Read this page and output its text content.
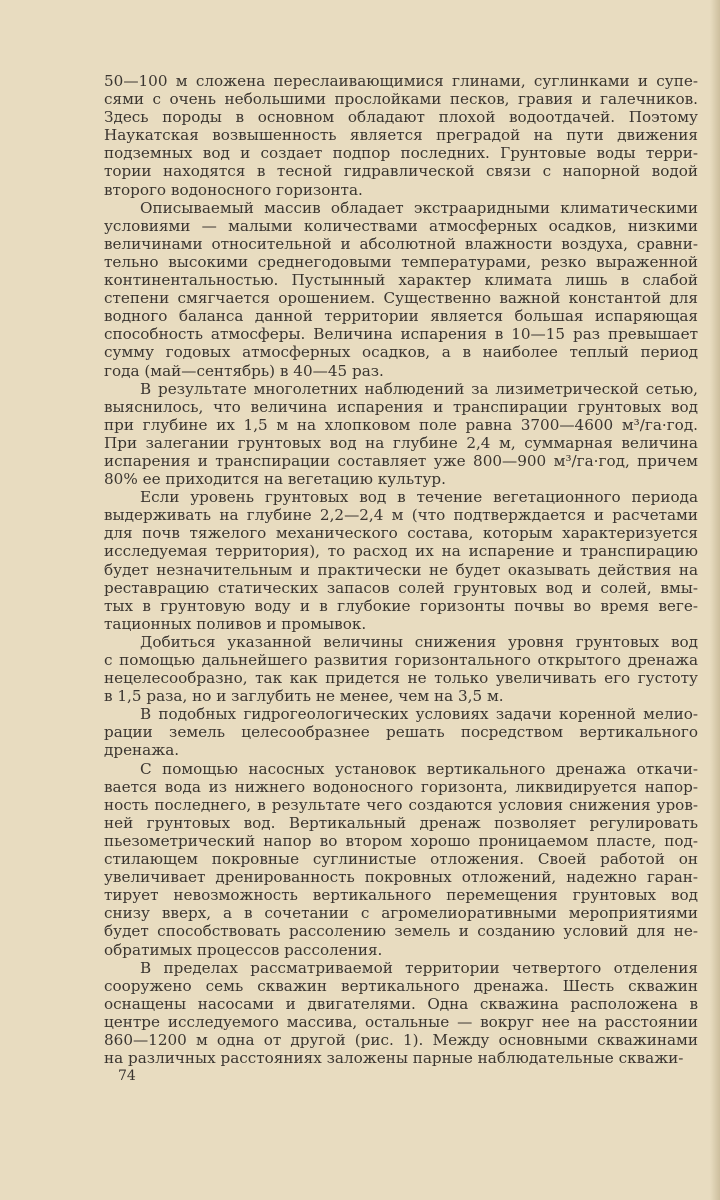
50—100 м сложена переслаивающимися глинами, суглинками и супе-
сями с очень небольшими прослойками песков, гравия и галечников.
Здесь породы в основном обладают плохой водоотдачей. Поэтому
Наукатская возвышенность является преградой на пути движения
подземных вод и создает подпор последних. Грунтовые воды терри-
тории находятся в тесной гидравлической связи с напорной водой
второго водоносного горизонта.
Описываемый массив обладает экстрааридными климатическими
условиями — малыми количествами атмосферных осадков, низкими
величинами относительной и абсолютной влажности воздуха, сравни-
тельно высокими среднегодовыми температурами, резко выраженной
континентальностью. Пустынный характер климата лишь в слабой
степени смягчается орошением. Существенно важной константой для
водного баланса данной территории является большая испаряющая
способность атмосферы. Величина испарения в 10—15 раз превышает
сумму годовых атмосферных осадков, а в наиболее теплый период
года (май—сентябрь) в 40—45 раз.
В результате многолетних наблюдений за лизиметрической сетью,
выяснилось, что величина испарения и транспирации грунтовых вод
при глубине их 1,5 м на хлопковом поле равна 3700—4600 м³/га·год.
При залегании грунтовых вод на глубине 2,4 м, суммарная величина
испарения и транспирации составляет уже 800—900 м³/га·год, причем
80% ее приходится на вегетацию культур.
Если уровень грунтовых вод в течение вегетационного периода
выдерживать на глубине 2,2—2,4 м (что подтверждается и расчетами
для почв тяжелого механического состава, которым характеризуется
исследуемая территория), то расход их на испарение и транспирацию
будет незначительным и практически не будет оказывать действия на
реставрацию статических запасов солей грунтовых вод и солей, вмы-
тых в грунтовую воду и в глубокие горизонты почвы во время веге-
тационных поливов и промывок.
Добиться указанной величины снижения уровня грунтовых вод
с помощью дальнейшего развития горизонтального открытого дренажа
нецелесообразно, так как придется не только увеличивать его густоту
в 1,5 раза, но и заглубить не менее, чем на 3,5 м.
В подобных гидрогеологических условиях задачи коренной мелио-
рации земель целесообразнее решать посредством вертикального
дренажа.
С помощью насосных установок вертикального дренажа откачи-
вается вода из нижнего водоносного горизонта, ликвидируется напор-
ность последнего, в результате чего создаются условия снижения уров-
ней грунтовых вод. Вертикальный дренаж позволяет регулировать
пьезометрический напор во втором хорошо проницаемом пласте, под-
стилающем покровные суглинистые отложения. Своей работой он
увеличивает дренированность покровных отложений, надежно гаран-
тирует невозможность вертикального перемещения грунтовых вод
снизу вверх, а в сочетании с агромелиоративными мероприятиями
будет способствовать рассолению земель и созданию условий для не-
обратимых процессов рассоления.
В пределах рассматриваемой территории четвертого отделения
сооружено семь скважин вертикального дренажа. Шесть скважин
оснащены насосами и двигателями. Одна скважина расположена в
центре исследуемого массива, остальные — вокруг нее на расстоянии
860—1200 м одна от другой (рис. 1). Между основными скважинами
на различных расстояниях заложены парные наблюдательные скважи-
74
